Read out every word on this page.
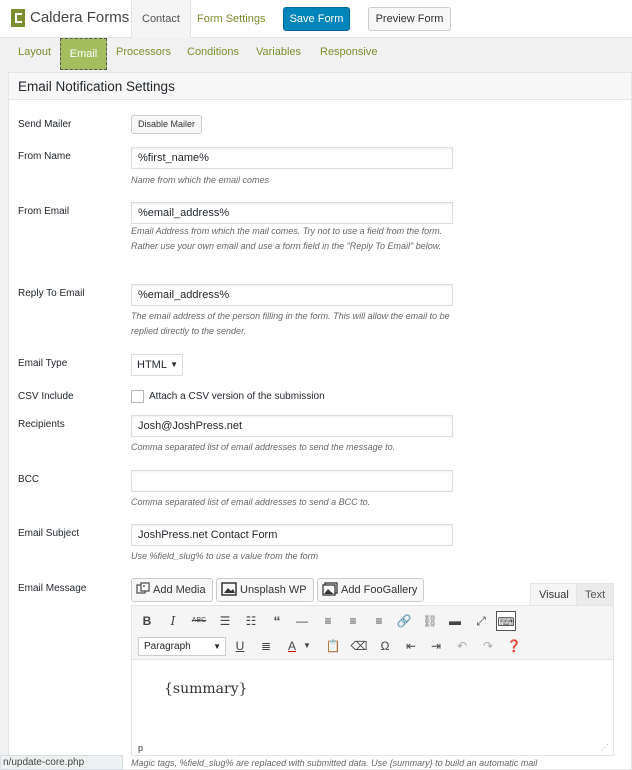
Caldera Forms	Contact	Form Settings	Save Form	Preview Form
Layout	Email	Processors Conditions Variables Responsive
Email Notification Settings
Send Mailer	Disable Mailer
From Name	%first_name%
Name from which the email comes
From Email	%email_address%
Email Address from which the mail comes. Try not to use a field from the form. Rather use your own email and use a form field in the "Reply To Email" below.
Reply To Email	%email_address%
The email address of the person filling in the form. This will allow the email to be replied directly to the sender.
Email Type	HTML ▼
CSV Include	Attach a CSV version of the submission
Recipients	Josh@JoshPress.net
Comma separated list of email addresses to send the message to.
BCC
Comma separated list of email addresses to send a BCC to.
Email Subject	JoshPress.net Contact Form
Use %field_slug% to use a value from the form
Email Message	Add Media	Unsplash WP	Add FooGallery	Visual	Text
B	I	ABC	☰	☷	“	—	≡	≡	≡	🔗 ⛓ ▬	⤢ ⌨
Paragraph	▼	U	≣	A ▼	📋 ⌫	Ω	⇤	⇥	↶	↷	❓
{summary}
p	⋰
Magic tags, %field_slug% are replaced with submitted data. Use {summary} to build an automatic mail
n/update-core.php
